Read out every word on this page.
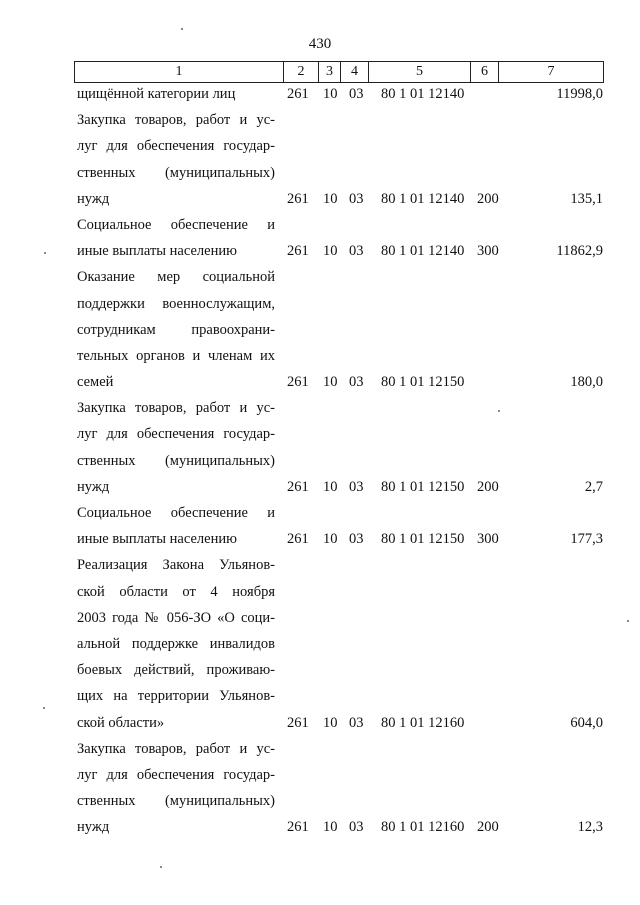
430
1	2	3	4	5	6	7
щищённой категории лиц	261 10 03	80 1 01 12140	11998,0
Закупка товаров, работ и ус-
луг для обеспечения государ-
ственных (муниципальных)
нужд	261 10 03	80 1 01 12140 200	135,1
Социальное обеспечение и
иные выплаты населению	261 10 03	80 1 01 12140 300	11862,9
Оказание мер социальной
поддержки военнослужащим,
сотрудникам правоохрани-
тельных органов и членам их
семей	261 10 03	80 1 01 12150	180,0
Закупка товаров, работ и ус-
луг для обеспечения государ-
ственных (муниципальных)
нужд	261 10 03	80 1 01 12150 200	2,7
Социальное обеспечение и
иные выплаты населению	261 10 03	80 1 01 12150 300	177,3
Реализация Закона Ульянов-
ской области от 4 ноября
2003 года № 056-ЗО «О соци-
альной поддержке инвалидов
боевых действий, проживаю-
щих на территории Ульянов-
ской области»	261 10 03	80 1 01 12160	604,0
Закупка товаров, работ и ус-
луг для обеспечения государ-
ственных (муниципальных)
нужд	261 10 03	80 1 01 12160 200	12,3
